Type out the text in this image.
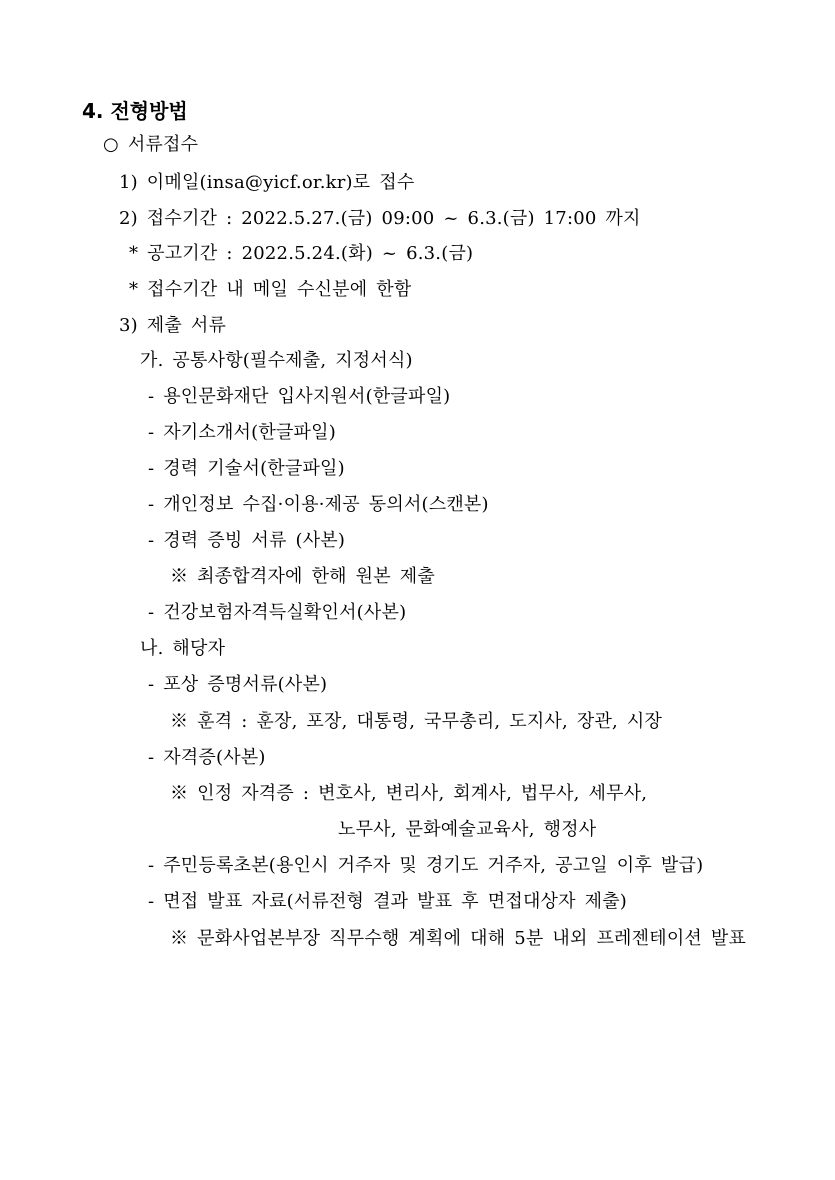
4. 전형방법
○ 서류접수
1) 이메일(insa@yicf.or.kr)로 접수
2) 접수기간 : 2022.5.27.(금) 09:00 ~ 6.3.(금) 17:00 까지
* 공고기간 : 2022.5.24.(화) ~ 6.3.(금)
* 접수기간 내 메일 수신분에 한함
3) 제출 서류
가. 공통사항(필수제출, 지정서식)
- 용인문화재단 입사지원서(한글파일)
- 자기소개서(한글파일)
- 경력 기술서(한글파일)
- 개인정보 수집·이용·제공 동의서(스캔본)
- 경력 증빙 서류 (사본)
※ 최종합격자에 한해 원본 제출
- 건강보험자격득실확인서(사본)
나. 해당자
- 포상 증명서류(사본)
※ 훈격 : 훈장, 포장, 대통령, 국무총리, 도지사, 장관, 시장
- 자격증(사본)
※ 인정 자격증 : 변호사, 변리사, 회계사, 법무사, 세무사,
노무사, 문화예술교육사, 행정사
- 주민등록초본(용인시 거주자 및 경기도 거주자, 공고일 이후 발급)
- 면접 발표 자료(서류전형 결과 발표 후 면접대상자 제출)
※ 문화사업본부장 직무수행 계획에 대해 5분 내외 프레젠테이션 발표
